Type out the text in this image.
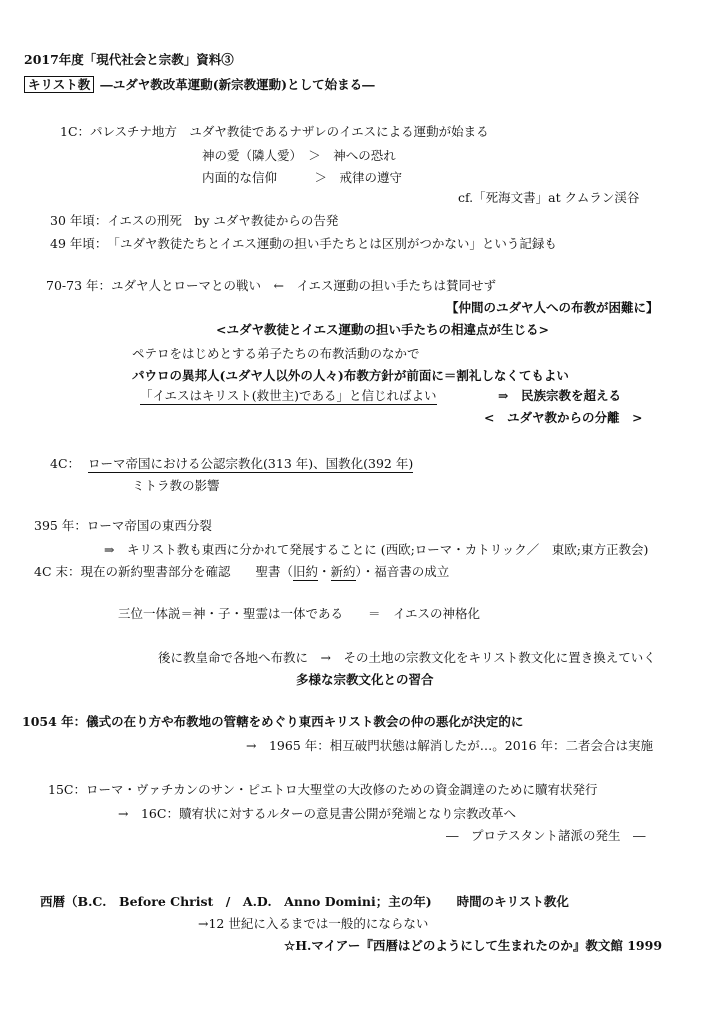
2017年度「現代社会と宗教」資料③
キリスト教 ―ユダヤ教改革運動(新宗教運動)として始まる―
1C：パレスチナ地方　ユダヤ教徒であるナザレのイエスによる運動が始まる
神の愛（隣人愛）　＞　神への恐れ
内面的な信仰　　　＞　戒律の遵守
cf.「死海文書」at クムラン渓谷
30 年頃：イエスの刑死　by ユダヤ教徒からの告発
49 年頃：　「ユダヤ教徒たちとイエス運動の担い手たちとは区別がつかない」という記録も
70-73 年：ユダヤ人とローマとの戦い　←　イエス運動の担い手たちは賛同せず
【仲間のユダヤ人への布教が困難に】
<ユダヤ教徒とイエス運動の担い手たちの相違点が生じる>
ペテロをはじめとする弟子たちの布教活動のなかで
パウロの異邦人(ユダヤ人以外の人々)布教方針が前面に＝割礼しなくてもよい
「イエスはキリスト(救世主)である」と信じればよい	⇒　民族宗教を超える
<　ユダヤ教からの分離　>
4C： ローマ帝国における公認宗教化(313 年)、国教化(392 年)
ミトラ教の影響
395 年：ローマ帝国の東西分裂
⇒　キリスト教も東西に分かれて発展することに (西欧;ローマ・カトリック／　東欧;東方正教会)
4C 末：現在の新約聖書部分を確認　　聖書（旧約・新約）・福音書の成立
三位一体説＝神・子・聖霊は一体である　　＝　イエスの神格化
後に教皇命で各地へ布教に　→　その土地の宗教文化をキリスト教文化に置き換えていく
多様な宗教文化との習合
1054 年：儀式の在り方や布教地の管轄をめぐり東西キリスト教会の仲の悪化が決定的に
→　1965 年：相互破門状態は解消したが…。2016 年：二者会合は実施
15C：ローマ・ヴァチカンのサン・ピエトロ大聖堂の大改修のための資金調達のために贖宥状発行
→　16C：贖宥状に対するルターの意見書公開が発端となり宗教改革へ
―　プロテスタント諸派の発生　―
西暦（B.C.　Before Christ　/　A.D.　Anno Domini；主の年)　　時間のキリスト教化
→12 世紀に入るまでは一般的にならない
☆H.マイアー『西暦はどのようにして生まれたのか』教文館 1999
